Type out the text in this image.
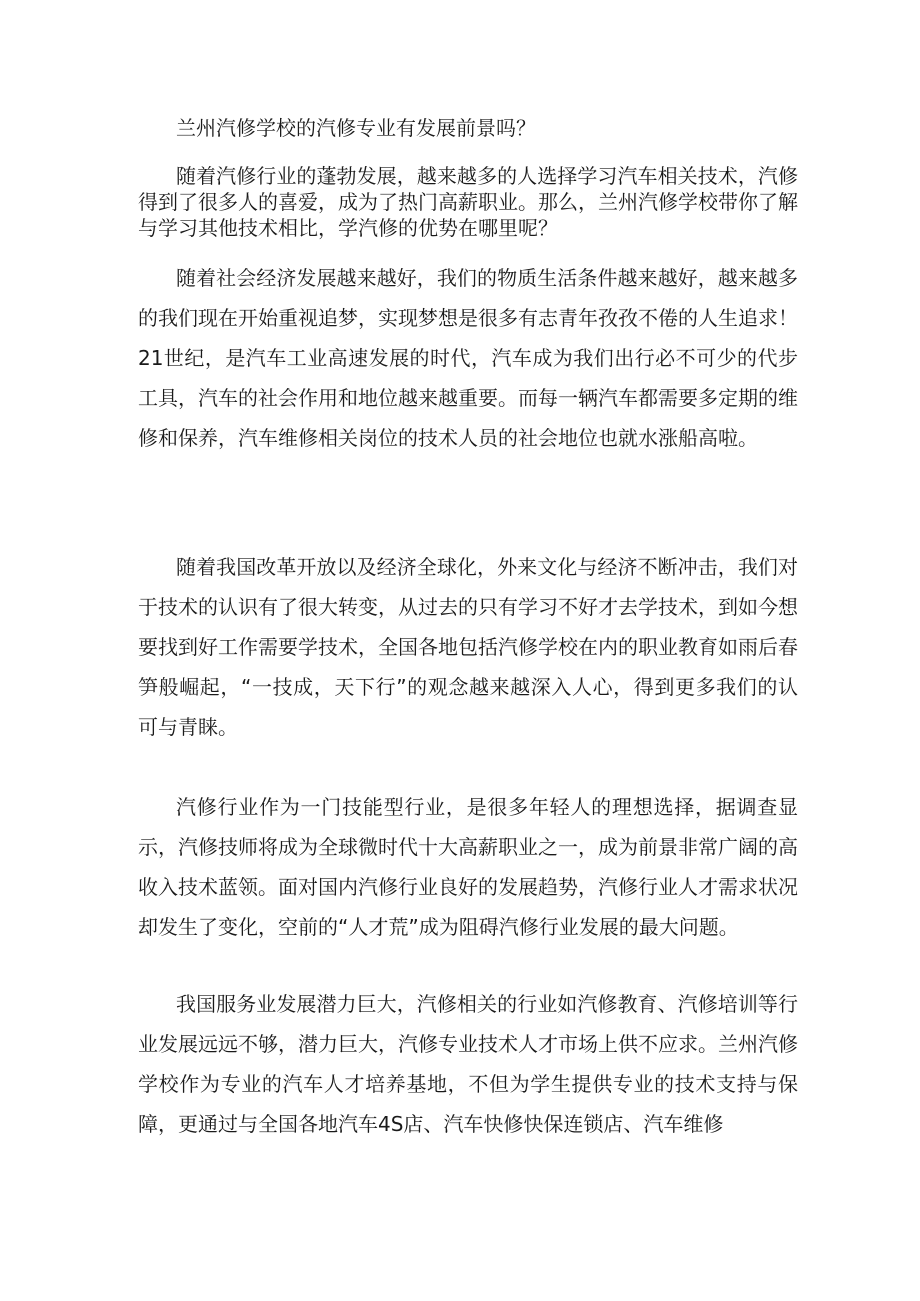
兰州汽修学校的汽修专业有发展前景吗？

随着汽修行业的蓬勃发展，越来越多的人选择学习汽车相关技术，汽修得到了很多人的喜爱，成为了热门高薪职业。那么，兰州汽修学校带你了解与学习其他技术相比，学汽修的优势在哪里呢？

随着社会经济发展越来越好，我们的物质生活条件越来越好，越来越多的我们现在开始重视追梦，实现梦想是很多有志青年孜孜不倦的人生追求！21世纪，是汽车工业高速发展的时代，汽车成为我们出行必不可少的代步工具，汽车的社会作用和地位越来越重要。而每一辆汽车都需要多定期的维修和保养，汽车维修相关岗位的技术人员的社会地位也就水涨船高啦。

随着我国改革开放以及经济全球化，外来文化与经济不断冲击，我们对于技术的认识有了很大转变，从过去的只有学习不好才去学技术，到如今想要找到好工作需要学技术，全国各地包括汽修学校在内的职业教育如雨后春笋般崛起，“一技成，天下行”的观念越来越深入人心，得到更多我们的认可与青睐。

汽修行业作为一门技能型行业，是很多年轻人的理想选择，据调查显示，汽修技师将成为全球微时代十大高薪职业之一，成为前景非常广阔的高收入技术蓝领。面对国内汽修行业良好的发展趋势，汽修行业人才需求状况却发生了变化，空前的“人才荒”成为阻碍汽修行业发展的最大问题。

我国服务业发展潜力巨大，汽修相关的行业如汽修教育、汽修培训等行业发展远远不够，潜力巨大，汽修专业技术人才市场上供不应求。兰州汽修学校作为专业的汽车人才培养基地，不但为学生提供专业的技术支持与保障，更通过与全国各地汽车4S店、汽车快修快保连锁店、汽车维修
